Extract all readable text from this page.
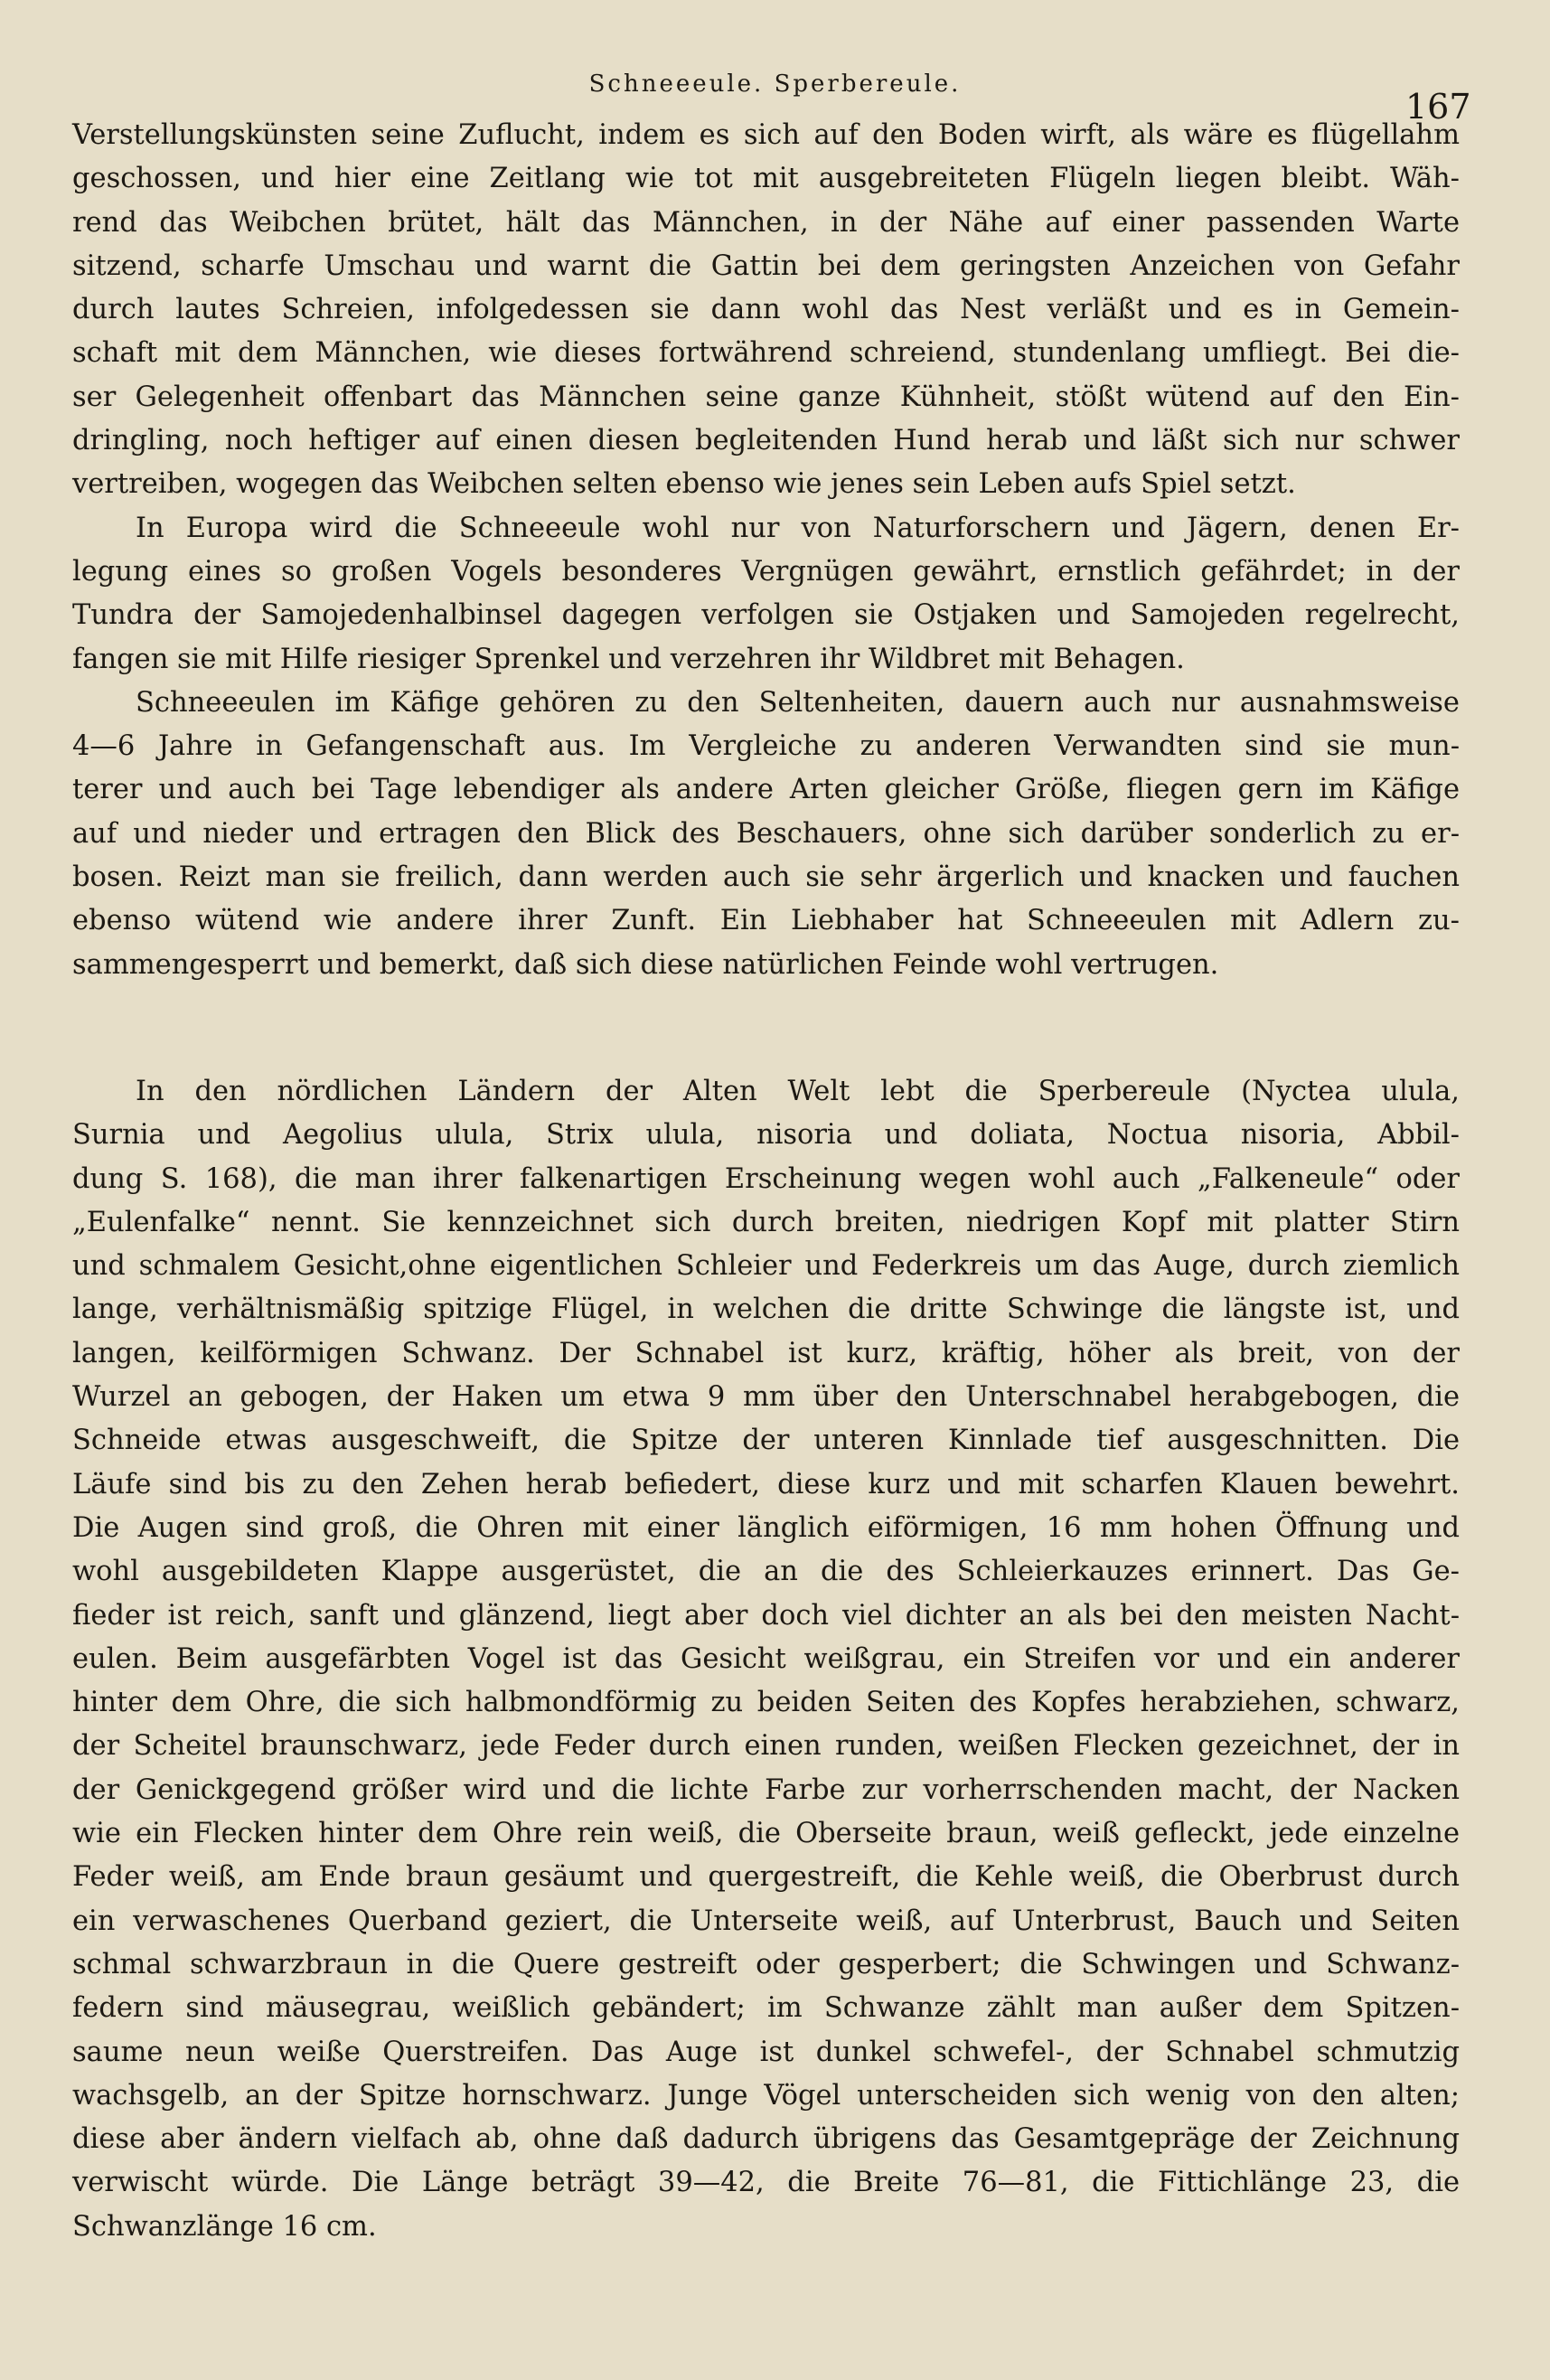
Schneeeule. Sperbereule.
167
Verstellungskünsten seine Zuflucht, indem es sich auf den Boden wirft, als wäre es flügellahm
geschossen, und hier eine Zeitlang wie tot mit ausgebreiteten Flügeln liegen bleibt. Wäh-
rend das Weibchen brütet, hält das Männchen, in der Nähe auf einer passenden Warte
sitzend, scharfe Umschau und warnt die Gattin bei dem geringsten Anzeichen von Gefahr
durch lautes Schreien, infolgedessen sie dann wohl das Nest verläßt und es in Gemein-
schaft mit dem Männchen, wie dieses fortwährend schreiend, stundenlang umfliegt. Bei die-
ser Gelegenheit offenbart das Männchen seine ganze Kühnheit, stößt wütend auf den Ein-
dringling, noch heftiger auf einen diesen begleitenden Hund herab und läßt sich nur schwer
vertreiben, wogegen das Weibchen selten ebenso wie jenes sein Leben aufs Spiel setzt.
In Europa wird die Schneeeule wohl nur von Naturforschern und Jägern, denen Er-
legung eines so großen Vogels besonderes Vergnügen gewährt, ernstlich gefährdet; in der
Tundra der Samojedenhalbinsel dagegen verfolgen sie Ostjaken und Samojeden regelrecht,
fangen sie mit Hilfe riesiger Sprenkel und verzehren ihr Wildbret mit Behagen.
Schneeeulen im Käfige gehören zu den Seltenheiten, dauern auch nur ausnahmsweise
4—6 Jahre in Gefangenschaft aus. Im Vergleiche zu anderen Verwandten sind sie mun-
terer und auch bei Tage lebendiger als andere Arten gleicher Größe, fliegen gern im Käfige
auf und nieder und ertragen den Blick des Beschauers, ohne sich darüber sonderlich zu er-
bosen. Reizt man sie freilich, dann werden auch sie sehr ärgerlich und knacken und fauchen
ebenso wütend wie andere ihrer Zunft. Ein Liebhaber hat Schneeeulen mit Adlern zu-
sammengesperrt und bemerkt, daß sich diese natürlichen Feinde wohl vertrugen.
In den nördlichen Ländern der Alten Welt lebt die Sperbereule (Nyctea ulula,
Surnia und Aegolius ulula, Strix ulula, nisoria und doliata, Noctua nisoria, Abbil-
dung S. 168), die man ihrer falkenartigen Erscheinung wegen wohl auch „Falkeneule“ oder
„Eulenfalke“ nennt. Sie kennzeichnet sich durch breiten, niedrigen Kopf mit platter Stirn
und schmalem Gesicht,ohne eigentlichen Schleier und Federkreis um das Auge, durch ziemlich
lange, verhältnismäßig spitzige Flügel, in welchen die dritte Schwinge die längste ist, und
langen, keilförmigen Schwanz. Der Schnabel ist kurz, kräftig, höher als breit, von der
Wurzel an gebogen, der Haken um etwa 9 mm über den Unterschnabel herabgebogen, die
Schneide etwas ausgeschweift, die Spitze der unteren Kinnlade tief ausgeschnitten. Die
Läufe sind bis zu den Zehen herab befiedert, diese kurz und mit scharfen Klauen bewehrt.
Die Augen sind groß, die Ohren mit einer länglich eiförmigen, 16 mm hohen Öffnung und
wohl ausgebildeten Klappe ausgerüstet, die an die des Schleierkauzes erinnert. Das Ge-
fieder ist reich, sanft und glänzend, liegt aber doch viel dichter an als bei den meisten Nacht-
eulen. Beim ausgefärbten Vogel ist das Gesicht weißgrau, ein Streifen vor und ein anderer
hinter dem Ohre, die sich halbmondförmig zu beiden Seiten des Kopfes herabziehen, schwarz,
der Scheitel braunschwarz, jede Feder durch einen runden, weißen Flecken gezeichnet, der in
der Genickgegend größer wird und die lichte Farbe zur vorherrschenden macht, der Nacken
wie ein Flecken hinter dem Ohre rein weiß, die Oberseite braun, weiß gefleckt, jede einzelne
Feder weiß, am Ende braun gesäumt und quergestreift, die Kehle weiß, die Oberbrust durch
ein verwaschenes Querband geziert, die Unterseite weiß, auf Unterbrust, Bauch und Seiten
schmal schwarzbraun in die Quere gestreift oder gesperbert; die Schwingen und Schwanz-
federn sind mäusegrau, weißlich gebändert; im Schwanze zählt man außer dem Spitzen-
saume neun weiße Querstreifen. Das Auge ist dunkel schwefel-, der Schnabel schmutzig
wachsgelb, an der Spitze hornschwarz. Junge Vögel unterscheiden sich wenig von den alten;
diese aber ändern vielfach ab, ohne daß dadurch übrigens das Gesamtgepräge der Zeichnung
verwischt würde. Die Länge beträgt 39—42, die Breite 76—81, die Fittichlänge 23, die
Schwanzlänge 16 cm.
